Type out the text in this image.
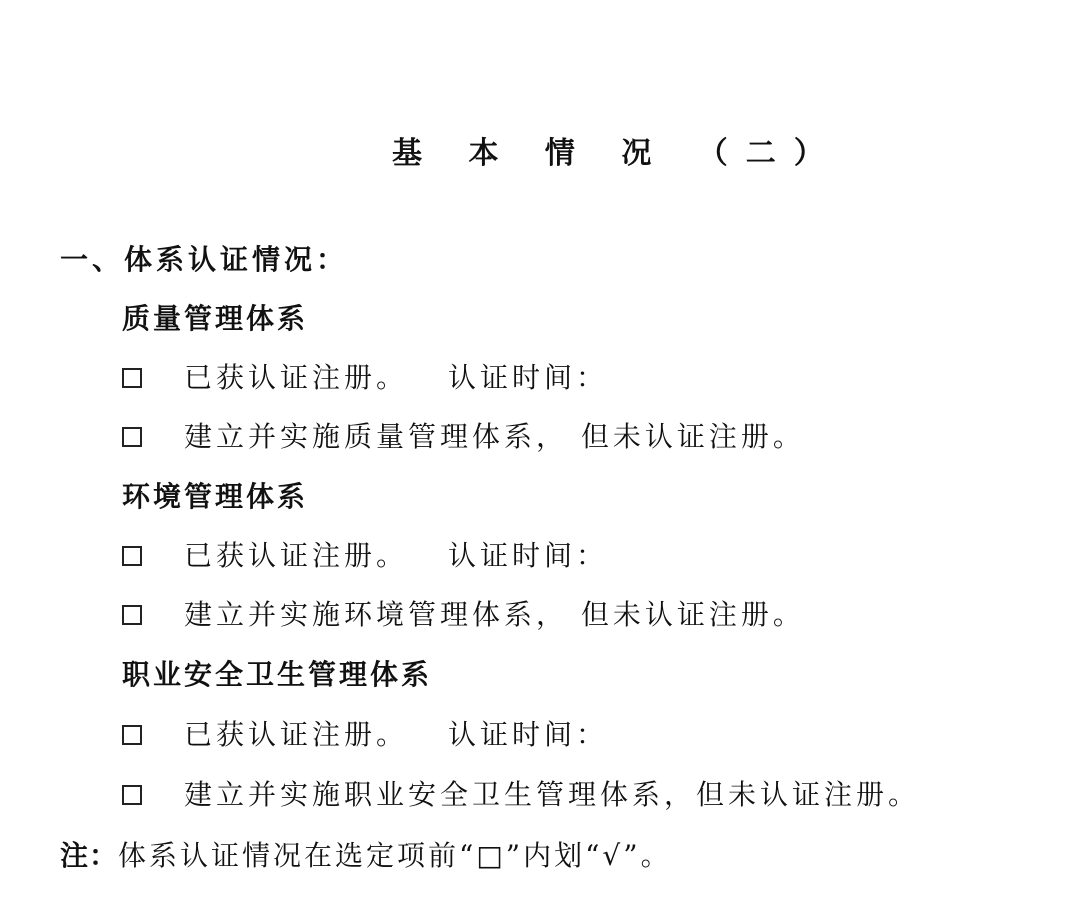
基 本 情 况 （二）
一、体系认证情况：
质量管理体系
已获认证注册。 认证时间：
建立并实施质量管理体系， 但未认证注册。
环境管理体系
已获认证注册。 认证时间：
建立并实施环境管理体系， 但未认证注册。
职业安全卫生管理体系
已获认证注册。 认证时间：
建立并实施职业安全卫生管理体系，但未认证注册。
注： 体系认证情况在选定项前“□”内划“√”。
